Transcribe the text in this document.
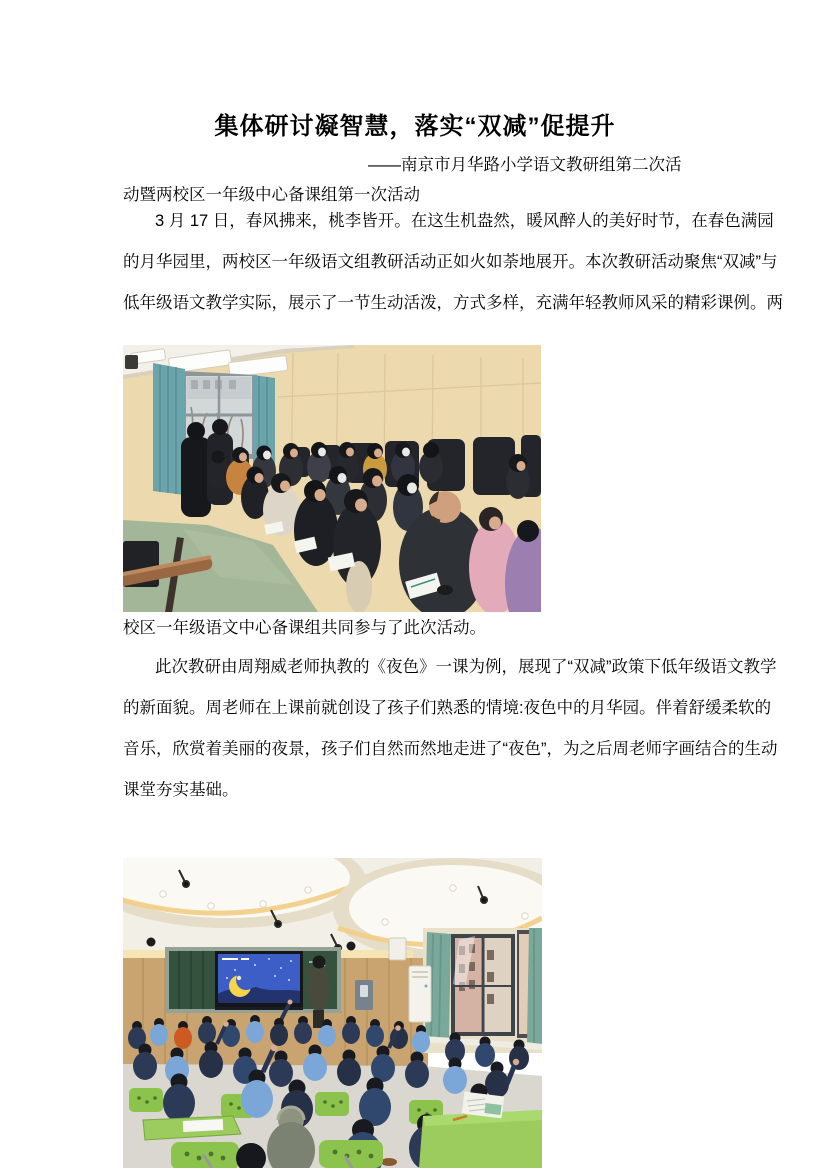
集体研讨凝智慧，落实“双减”促提升
——南京市月华路小学语文教研组第二次活
动暨两校区一年级中心备课组第一次活动
3 月 17 日，春风拂来，桃李皆开。在这生机盎然，暖风醉人的美好时节，在春色满园
的月华园里，两校区一年级语文组教研活动正如火如荼地展开。本次教研活动聚焦“双减”与
低年级语文教学实际，展示了一节生动活泼，方式多样，充满年轻教师风采的精彩课例。两
校区一年级语文中心备课组共同参与了此次活动。
此次教研由周翔威老师执教的《夜色》一课为例，展现了“双减”政策下低年级语文教学
的新面貌。周老师在上课前就创设了孩子们熟悉的情境:夜色中的月华园。伴着舒缓柔软的
音乐，欣赏着美丽的夜景，孩子们自然而然地走进了“夜色”，为之后周老师字画结合的生动
课堂夯实基础。
